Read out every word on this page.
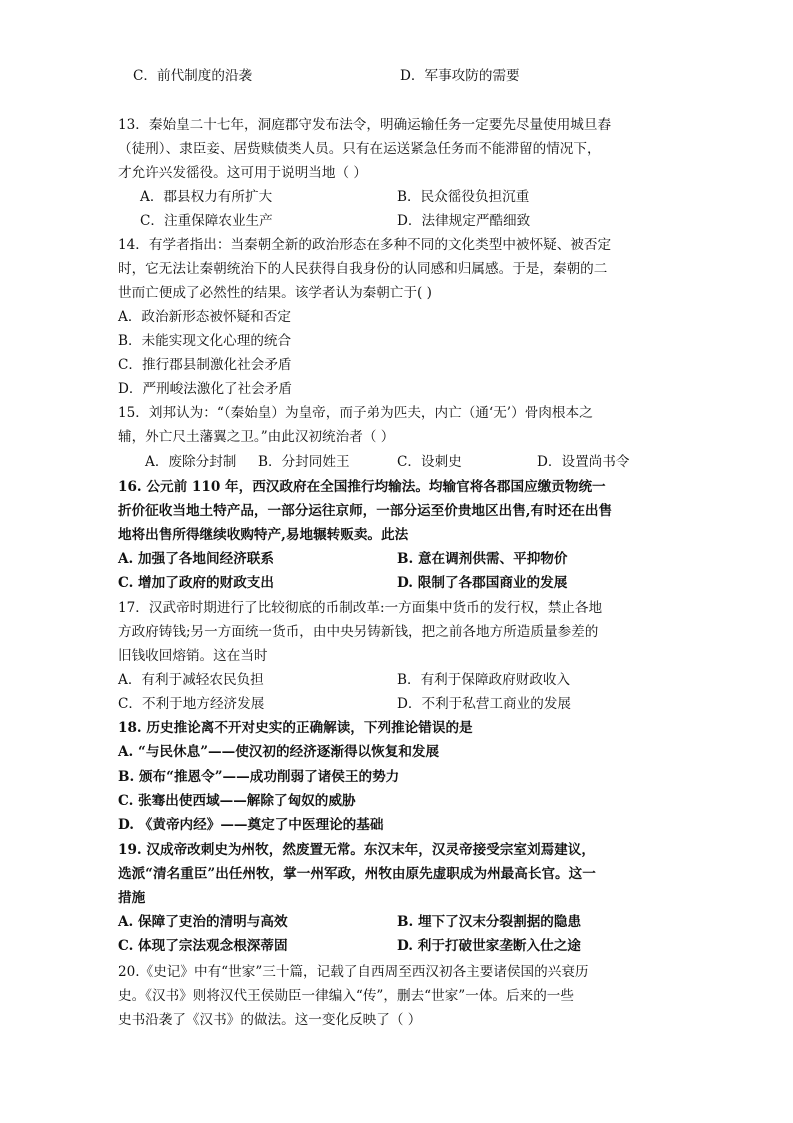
C．前代制度的沿袭	D．军事攻防的需要
13．秦始皇二十七年，洞庭郡守发布法令，明确运输任务一定要先尽量使用城旦舂
（徒刑）、隶臣妾、居赀赎债类人员。只有在运送紧急任务而不能滞留的情况下，
才允许兴发徭役。这可用于说明当地（ ）
A．郡县权力有所扩大	B．民众徭役负担沉重
C．注重保障农业生产	D．法律规定严酷细致
14．有学者指出：当秦朝全新的政治形态在多种不同的文化类型中被怀疑、被否定
时，它无法让秦朝统治下的人民获得自我身份的认同感和归属感。于是，秦朝的二
世而亡便成了必然性的结果。该学者认为秦朝亡于( )
A．政治新形态被怀疑和否定
B．未能实现文化心理的统合
C．推行郡县制激化社会矛盾
D．严刑峻法激化了社会矛盾
15．刘邦认为：“（秦始皇）为皇帝，而子弟为匹夫，内亡（通‘无’）骨肉根本之
辅，外亡尺土藩翼之卫。”由此汉初统治者（ ）
A．废除分封制 B．分封同姓王	C．设刺史	D．设置尚书令
16. 公元前 110 年，西汉政府在全国推行均输法。均输官将各郡国应缴贡物统一
折价征收当地土特产品，一部分运往京师，一部分运至价贵地区出售,有时还在出售
地将出售所得继续收购特产,易地辗转贩卖。此法
A. 加强了各地间经济联系	B. 意在调剂供需、平抑物价
C. 增加了政府的财政支出	D. 限制了各郡国商业的发展
17．汉武帝时期进行了比较彻底的币制改革:一方面集中货币的发行权，禁止各地
方政府铸钱;另一方面统一货币，由中央另铸新钱，把之前各地方所造质量参差的
旧钱收回熔销。这在当时
A．有利于减轻农民负担	B．有利于保障政府财政收入
C．不利于地方经济发展	D．不利于私营工商业的发展
18. 历史推论离不开对史实的正确解读，下列推论错误的是
A. “与民休息”——使汉初的经济逐渐得以恢复和发展
B. 颁布“推恩令”——成功削弱了诸侯王的势力
C. 张骞出使西域——解除了匈奴的威胁
D. 《黄帝内经》——奠定了中医理论的基础
19. 汉成帝改刺史为州牧，然废置无常。东汉末年，汉灵帝接受宗室刘焉建议，
选派“清名重臣”出任州牧，掌一州军政，州牧由原先虚职成为州最高长官。这一
措施
A. 保障了吏治的清明与高效	B. 埋下了汉末分裂割据的隐患
C. 体现了宗法观念根深蒂固	D. 利于打破世家垄断入仕之途
20.《史记》中有“世家”三十篇，记载了自西周至西汉初各主要诸侯国的兴衰历
史。《汉书》则将汉代王侯勋臣一律编入“传”，删去“世家”一体。后来的一些
史书沿袭了《汉书》的做法。这一变化反映了（ ）
